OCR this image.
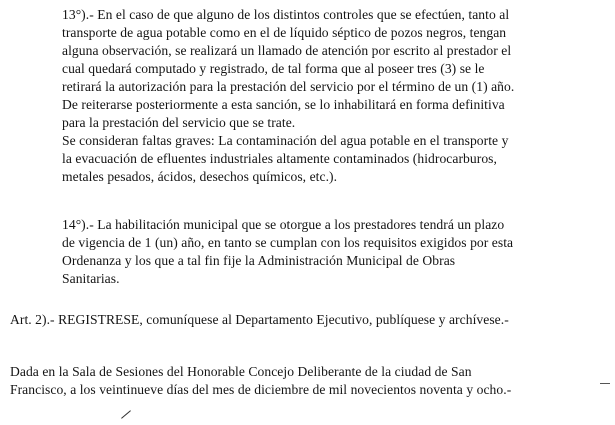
13°).- En el caso de que alguno de los distintos controles que se efectúen, tanto al
transporte de agua potable como en el de líquido séptico de pozos negros, tengan
alguna observación, se realizará un llamado de atención por escrito al prestador el
cual quedará computado y registrado, de tal forma que al poseer tres (3) se le
retirará la autorización para la prestación del servicio por el término de un (1) año.
De reiterarse posteriormente a esta sanción, se lo inhabilitará en forma definitiva
para la prestación del servicio que se trate.
Se consideran faltas graves: La contaminación del agua potable en el transporte y
la evacuación de efluentes industriales altamente contaminados (hidrocarburos,
metales pesados, ácidos, desechos químicos, etc.).
14°).- La habilitación municipal que se otorgue a los prestadores tendrá un plazo
de vigencia de 1 (un) año, en tanto se cumplan con los requisitos exigidos por esta
Ordenanza y los que a tal fin fije la Administración Municipal de Obras
Sanitarias.
Art. 2).- REGISTRESE, comuníquese al Departamento Ejecutivo, publíquese y archívese.-
Dada en la Sala de Sesiones del Honorable Concejo Deliberante de la ciudad de San
Francisco, a los veintinueve días del mes de diciembre de mil novecientos noventa y ocho.-
